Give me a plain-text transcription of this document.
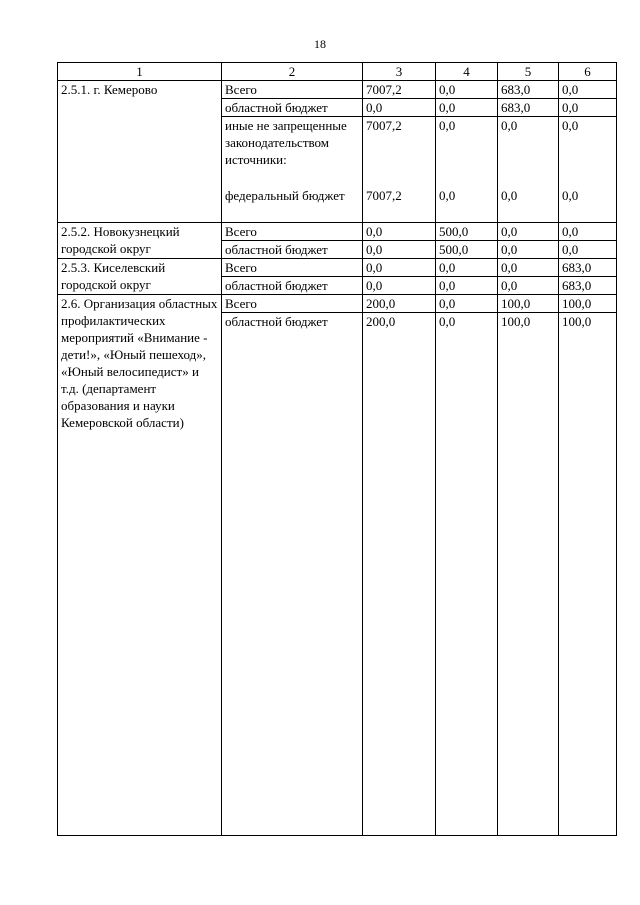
18
1	2	3	4	5	6
2.5.1. г. Кемерово	Всего	7007,2	0,0	683,0	0,0
	областной бюджет	0,0	0,0	683,0	0,0
	иные не запрещенные законодательством источники:	7007,2	0,0	0,0	0,0
	федеральный бюджет	7007,2	0,0	0,0	0,0
2.5.2. Новокузнецкий городской округ	Всего	0,0	500,0	0,0	0,0
	областной бюджет	0,0	500,0	0,0	0,0
2.5.3. Киселевский городской округ	Всего	0,0	0,0	0,0	683,0
	областной бюджет	0,0	0,0	0,0	683,0
2.6. Организация областных профилактических мероприятий «Внимание - дети!», «Юный пешеход», «Юный велосипедист» и т.д. (департамент образования и науки Кемеровской области)	Всего	200,0	0,0	100,0	100,0
	областной бюджет	200,0	0,0	100,0	100,0
